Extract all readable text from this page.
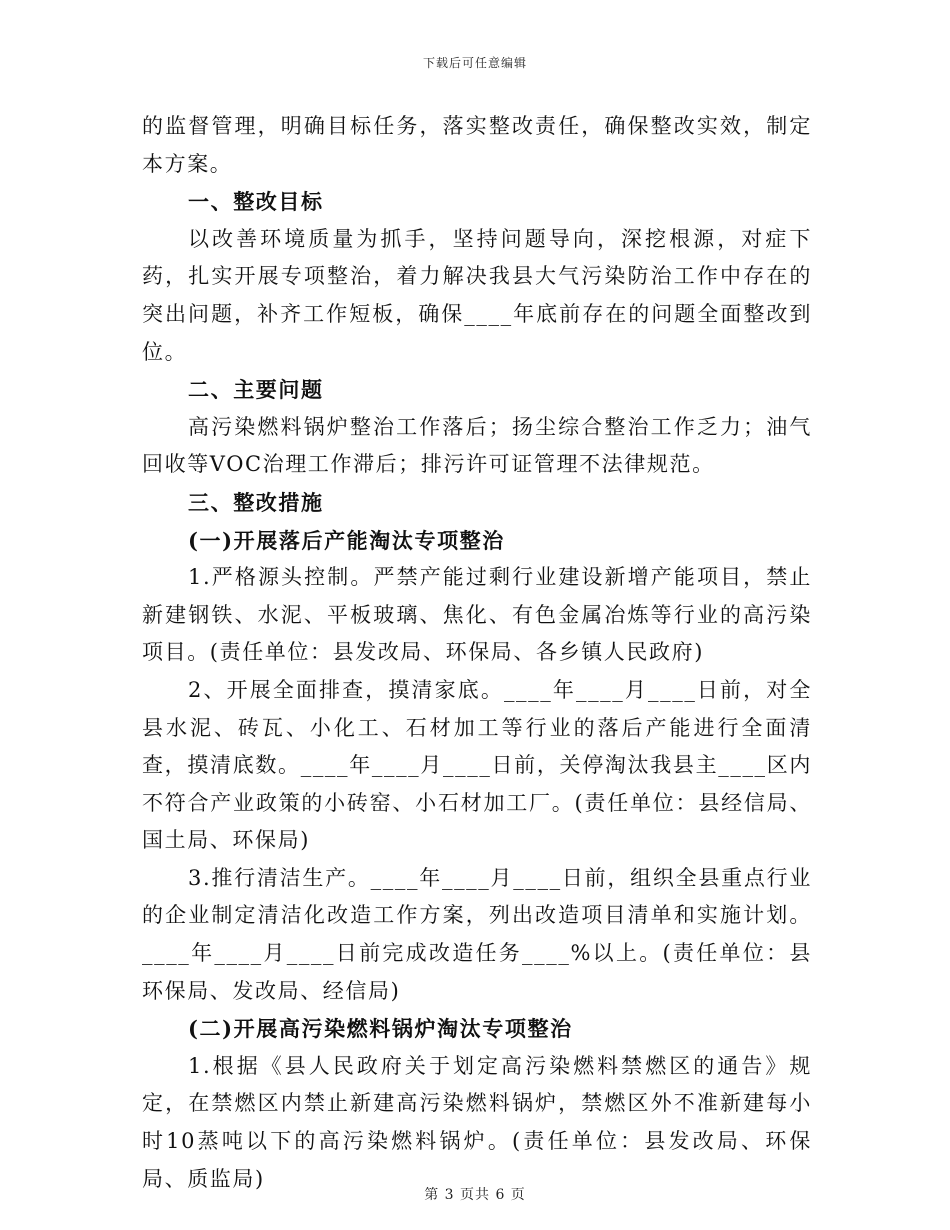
下载后可任意编辑

的监督管理，明确目标任务，落实整改责任，确保整改实效，制定本方案。

一、整改目标

以改善环境质量为抓手，坚持问题导向，深挖根源，对症下药，扎实开展专项整治，着力解决我县大气污染防治工作中存在的突出问题，补齐工作短板，确保____年底前存在的问题全面整改到位。

二、主要问题

高污染燃料锅炉整治工作落后；扬尘综合整治工作乏力；油气回收等VOC治理工作滞后；排污许可证管理不法律规范。

三、整改措施

(一)开展落后产能淘汰专项整治

1.严格源头控制。严禁产能过剩行业建设新增产能项目，禁止新建钢铁、水泥、平板玻璃、焦化、有色金属冶炼等行业的高污染项目。(责任单位：县发改局、环保局、各乡镇人民政府)

2、开展全面排查，摸清家底。____年____月____日前，对全县水泥、砖瓦、小化工、石材加工等行业的落后产能进行全面清查，摸清底数。____年____月____日前，关停淘汰我县主____区内不符合产业政策的小砖窑、小石材加工厂。(责任单位：县经信局、国土局、环保局)

3.推行清洁生产。____年____月____日前，组织全县重点行业的企业制定清洁化改造工作方案，列出改造项目清单和实施计划。____年____月____日前完成改造任务____%以上。(责任单位：县环保局、发改局、经信局)

(二)开展高污染燃料锅炉淘汰专项整治

1.根据《县人民政府关于划定高污染燃料禁燃区的通告》规定，在禁燃区内禁止新建高污染燃料锅炉，禁燃区外不准新建每小时10蒸吨以下的高污染燃料锅炉。(责任单位：县发改局、环保局、质监局)

第 3 页共 6 页
